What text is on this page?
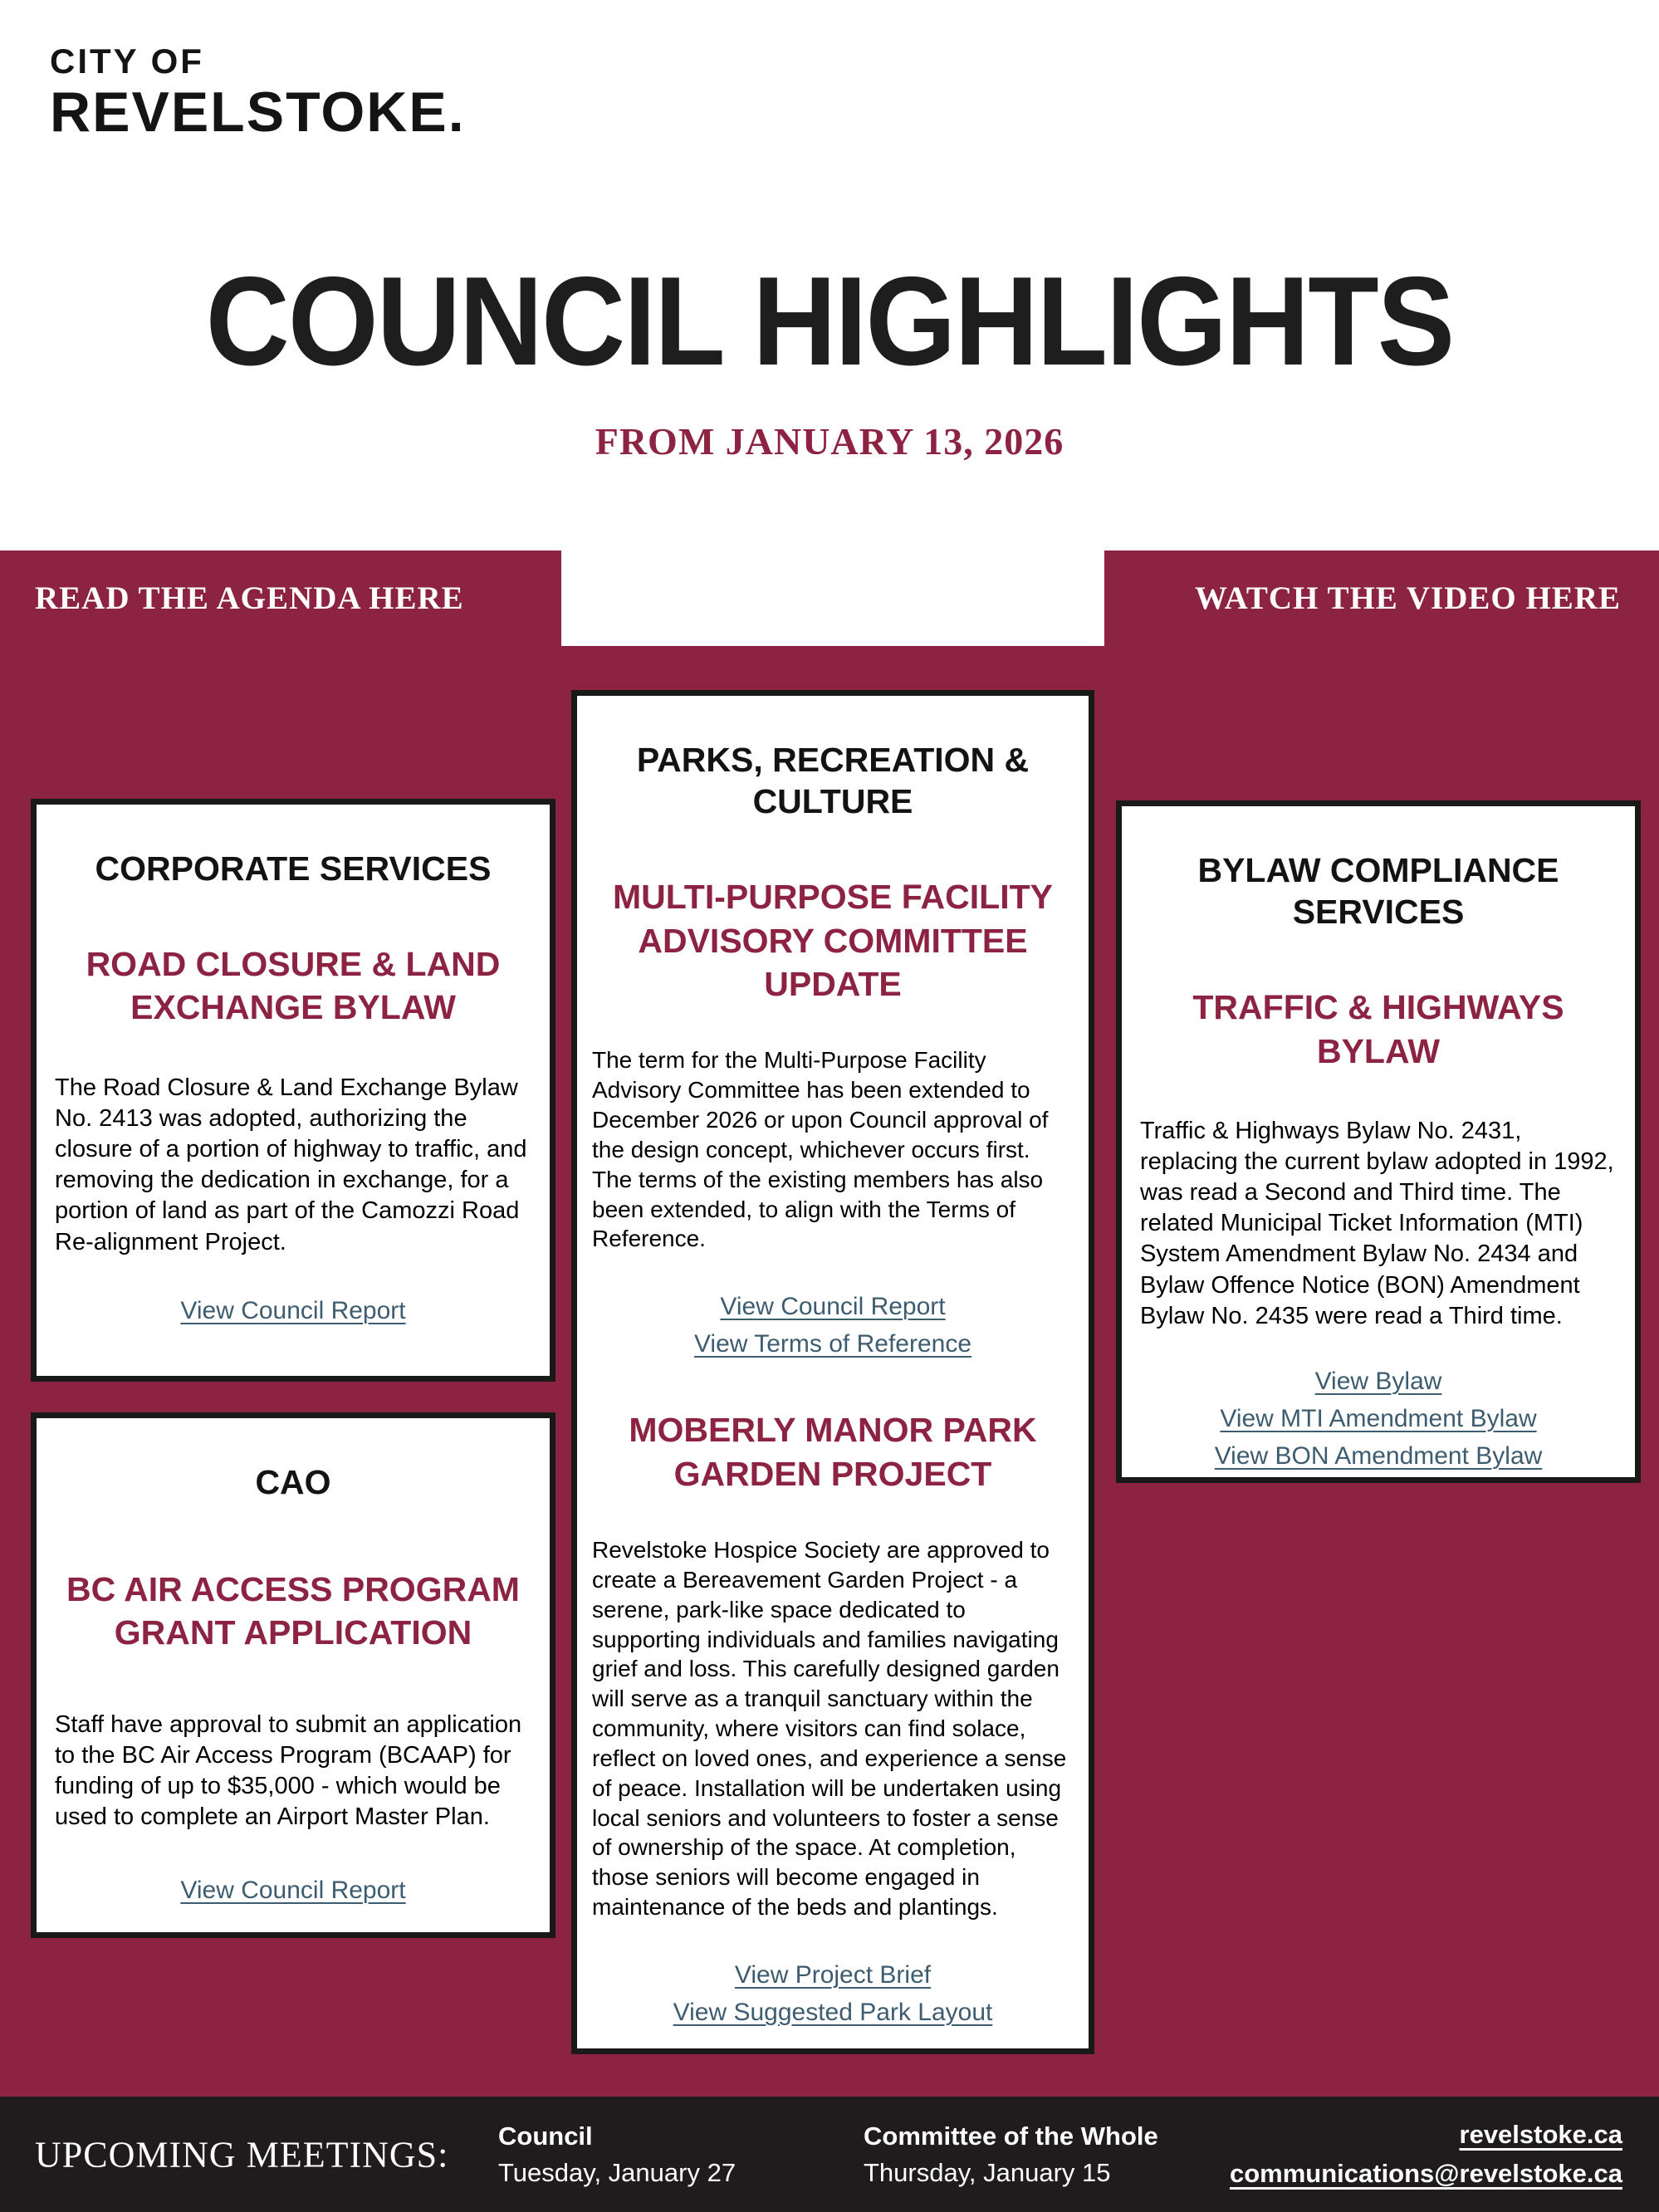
CITY OF
REVELSTOKE.
COUNCIL HIGHLIGHTS
FROM JANUARY 13, 2026
READ THE AGENDA HERE	WATCH THE VIDEO HERE
CORPORATE SERVICES
ROAD CLOSURE & LAND EXCHANGE BYLAW

The Road Closure & Land Exchange Bylaw No. 2413 was adopted, authorizing the closure of a portion of highway to traffic, and removing the dedication in exchange, for a portion of land as part of the Camozzi Road Re-alignment Project.

View Council Report
CAO
BC AIR ACCESS PROGRAM GRANT APPLICATION

Staff have approval to submit an application to the BC Air Access Program (BCAAP) for funding of up to $35,000 - which would be used to complete an Airport Master Plan.

View Council Report
PARKS, RECREATION & CULTURE
MULTI-PURPOSE FACILITY ADVISORY COMMITTEE UPDATE

The term for the Multi-Purpose Facility Advisory Committee has been extended to December 2026 or upon Council approval of the design concept, whichever occurs first. The terms of the existing members has also been extended, to align with the Terms of Reference.

View Council Report
View Terms of Reference
MOBERLY MANOR PARK GARDEN PROJECT

Revelstoke Hospice Society are approved to create a Bereavement Garden Project - a serene, park-like space dedicated to supporting individuals and families navigating grief and loss. This carefully designed garden will serve as a tranquil sanctuary within the community, where visitors can find solace, reflect on loved ones, and experience a sense of peace. Installation will be undertaken using local seniors and volunteers to foster a sense of ownership of the space. At completion, those seniors will become engaged in maintenance of the beds and plantings.

View Project Brief
View Suggested Park Layout
BYLAW COMPLIANCE SERVICES
TRAFFIC & HIGHWAYS BYLAW

Traffic & Highways Bylaw No. 2431, replacing the current bylaw adopted in 1992, was read a Second and Third time. The related Municipal Ticket Information (MTI) System Amendment Bylaw No. 2434 and Bylaw Offence Notice (BON) Amendment Bylaw No. 2435 were read a Third time.

View Bylaw
View MTI Amendment Bylaw
View BON Amendment Bylaw
UPCOMING MEETINGS: Council
Tuesday, January 27
Committee of the Whole
Thursday, January 15
revelstoke.ca
communications@revelstoke.ca
